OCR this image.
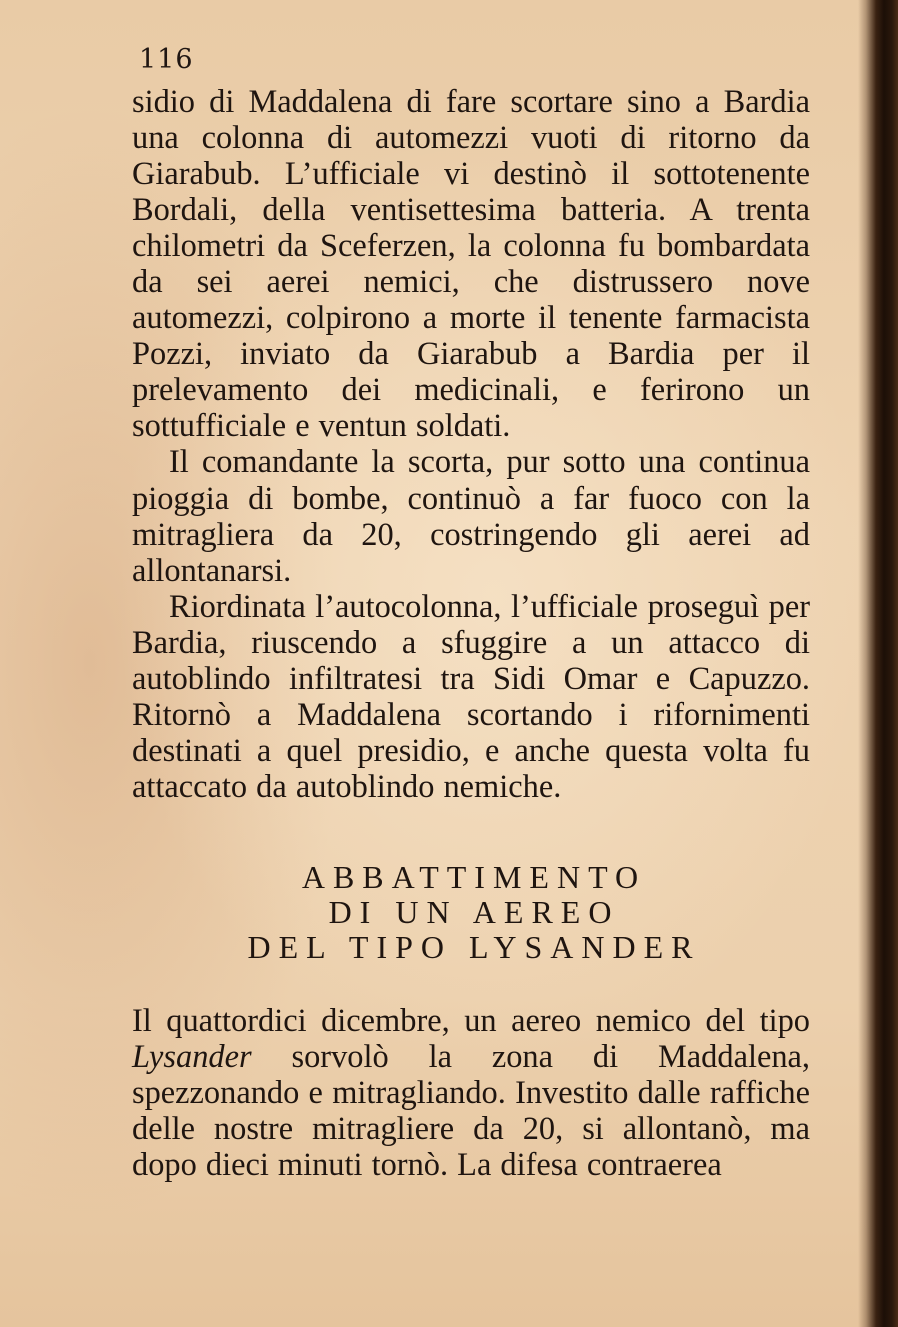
116

sidio di Maddalena di fare scortare sino a Bardia una colonna di automezzi vuoti di ritorno da Giarabub. L’ufficiale vi destinò il sottotenente Bordali, della ventisettesima batteria. A trenta chilometri da Sceferzen, la colonna fu bombardata da sei aerei nemici, che distrussero nove automezzi, colpirono a morte il tenente farmacista Pozzi, inviato da Giarabub a Bardia per il prelevamento dei medicinali, e ferirono un sottufficiale e ventun soldati.

Il comandante la scorta, pur sotto una continua pioggia di bombe, continuò a far fuoco con la mitragliera da 20, costringendo gli aerei ad allontanarsi.

Riordinata l’autocolonna, l’ufficiale proseguì per Bardia, riuscendo a sfuggire a un attacco di autoblindo infiltratesi tra Sidi Omar e Capuzzo. Ritornò a Maddalena scortando i rifornimenti destinati a quel presidio, e anche questa volta fu attaccato da autoblindo nemiche.

ABBATTIMENTO
DI UN AEREO
DEL TIPO LYSANDER

Il quattordici dicembre, un aereo nemico del tipo Lysander sorvolò la zona di Maddalena, spezzonando e mitragliando. Investito dalle raffiche delle nostre mitragliere da 20, si allontanò, ma dopo dieci minuti tornò. La difesa contraerea
